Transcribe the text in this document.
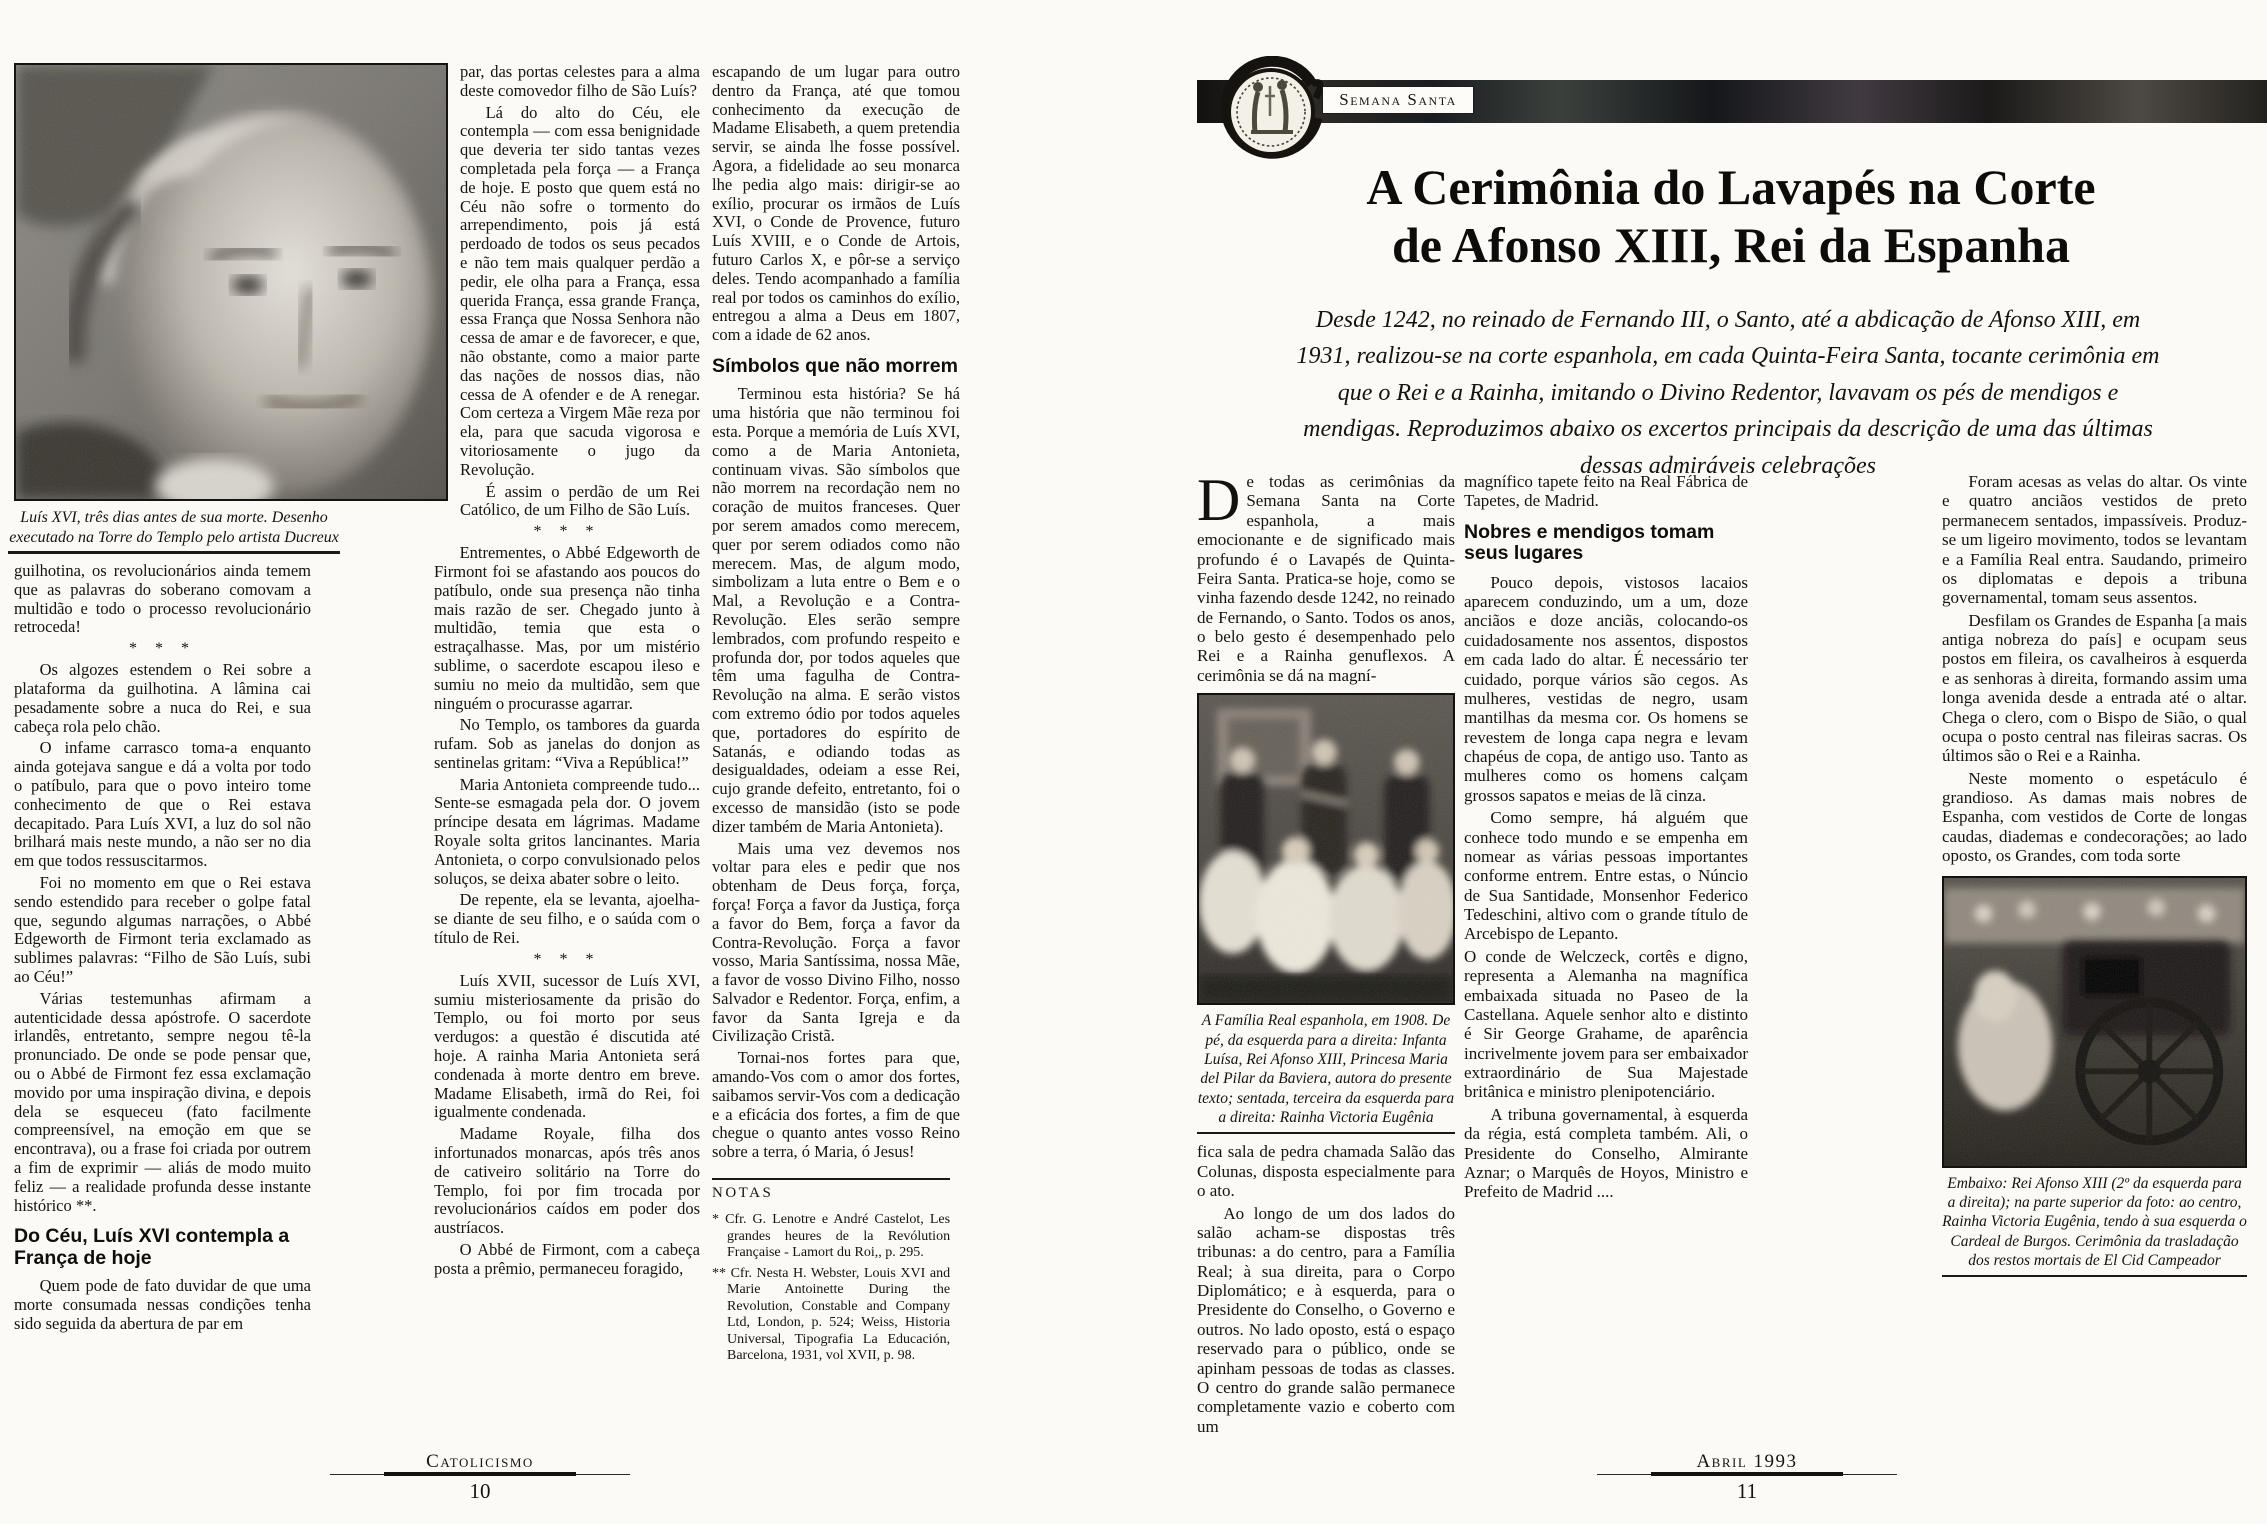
Luís XVI, três dias antes de sua morte. Desenho executado na Torre do Templo pelo artista Ducreux

guilhotina, os revolucionários ainda temem que as palavras do soberano comovam a multidão e todo o processo revolucionário retroceda!

* * *

Os algozes estendem o Rei sobre a plataforma da guilhotina. A lâmina cai pesadamente sobre a nuca do Rei, e sua cabeça rola pelo chão.

O infame carrasco toma-a enquanto ainda gotejava sangue e dá a volta por todo o patíbulo, para que o povo inteiro tome conhecimento de que o Rei estava decapitado. Para Luís XVI, a luz do sol não brilhará mais neste mundo, a não ser no dia em que todos ressuscitarmos.

Foi no momento em que o Rei estava sendo estendido para receber o golpe fatal que, segundo algumas narrações, o Abbé Edgeworth de Firmont teria exclamado as sublimes palavras: “Filho de São Luís, subi ao Céu!”

Várias testemunhas afirmam a autenticidade dessa apóstrofe. O sacerdote irlandês, entretanto, sempre negou tê-la pronunciado. De onde se pode pensar que, ou o Abbé de Firmont fez essa exclamação movido por uma inspiração divina, e depois dela se esqueceu (fato facilmente compreensível, na emoção em que se encontrava), ou a frase foi criada por outrem a fim de exprimir — aliás de modo muito feliz — a realidade profunda desse instante histórico **.

Do Céu, Luís XVI contempla a França de hoje

Quem pode de fato duvidar de que uma morte consumada nessas condições tenha sido seguida da abertura de par em

par, das portas celestes para a alma deste comovedor filho de São Luís?

Lá do alto do Céu, ele contempla — com essa benignidade que deveria ter sido tantas vezes completada pela força — a França de hoje. E posto que quem está no Céu não sofre o tormento do arrependimento, pois já está perdoado de todos os seus pecados e não tem mais qualquer perdão a pedir, ele olha para a França, essa querida França, essa grande França, essa França que Nossa Senhora não cessa de amar e de favorecer, e que, não obstante, como a maior parte das nações de nossos dias, não cessa de A ofender e de A renegar. Com certeza a Virgem Mãe reza por ela, para que sacuda vigorosa e vitoriosamente o jugo da Revolução.

É assim o perdão de um Rei Católico, de um Filho de São Luís.

* * *

Entrementes, o Abbé Edgeworth de Firmont foi se afastando aos poucos do patíbulo, onde sua presença não tinha mais razão de ser. Chegado junto à multidão, temia que esta o estraçalhasse. Mas, por um mistério sublime, o sacerdote escapou ileso e sumiu no meio da multidão, sem que ninguém o procurasse agarrar.

No Templo, os tambores da guarda rufam. Sob as janelas do donjon as sentinelas gritam: “Viva a República!”

Maria Antonieta compreende tudo... Sente-se esmagada pela dor. O jovem príncipe desata em lágrimas. Madame Royale solta gritos lancinantes. Maria Antonieta, o corpo convulsionado pelos soluços, se deixa abater sobre o leito.

De repente, ela se levanta, ajoelha-se diante de seu filho, e o saúda com o título de Rei.

* * *

Luís XVII, sucessor de Luís XVI, sumiu misteriosamente da prisão do Templo, ou foi morto por seus verdugos: a questão é discutida até hoje. A rainha Maria Antonieta será condenada à morte dentro em breve. Madame Elisabeth, irmã do Rei, foi igualmente condenada.

Madame Royale, filha dos infortunados monarcas, após três anos de cativeiro solitário na Torre do Templo, foi por fim trocada por revolucionários caídos em poder dos austríacos.

O Abbé de Firmont, com a cabeça posta a prêmio, permaneceu foragido,

escapando de um lugar para outro dentro da França, até que tomou conhecimento da execução de Madame Elisabeth, a quem pretendia servir, se ainda lhe fosse possível. Agora, a fidelidade ao seu monarca lhe pedia algo mais: dirigir-se ao exílio, procurar os irmãos de Luís XVI, o Conde de Provence, futuro Luís XVIII, e o Conde de Artois, futuro Carlos X, e pôr-se a serviço deles. Tendo acompanhado a família real por todos os caminhos do exílio, entregou a alma a Deus em 1807, com a idade de 62 anos.

Símbolos que não morrem

Terminou esta história? Se há uma história que não terminou foi esta. Porque a memória de Luís XVI, como a de Maria Antonieta, continuam vivas. São símbolos que não morrem na recordação nem no coração de muitos franceses. Quer por serem amados como merecem, quer por serem odiados como não merecem. Mas, de algum modo, simbolizam a luta entre o Bem e o Mal, a Revolução e a Contra-Revolução. Eles serão sempre lembrados, com profundo respeito e profunda dor, por todos aqueles que têm uma fagulha de Contra-Revolução na alma. E serão vistos com extremo ódio por todos aqueles que, portadores do espírito de Satanás, e odiando todas as desigualdades, odeiam a esse Rei, cujo grande defeito, entretanto, foi o excesso de mansidão (isto se pode dizer também de Maria Antonieta).

Mais uma vez devemos nos voltar para eles e pedir que nos obtenham de Deus força, força, força! Força a favor da Justiça, força a favor do Bem, força a favor da Contra-Revolução. Força a favor vosso, Maria Santíssima, nossa Mãe, a favor de vosso Divino Filho, nosso Salvador e Redentor. Força, enfim, a favor da Santa Igreja e da Civilização Cristã.

Tornai-nos fortes para que, amando-Vos com o amor dos fortes, saibamos servir-Vos com a dedicação e a eficácia dos fortes, a fim de que chegue o quanto antes vosso Reino sobre a terra, ó Maria, ó Jesus!

NOTAS

* Cfr. G. Lenotre e André Castelot, Les grandes heures de la Revólution Française - Lamort du Roi,, p. 295.

** Cfr. Nesta H. Webster, Louis XVI and Marie Antoinette During the Revolution, Constable and Company Ltd, London, p. 524; Weiss, Historia Universal, Tipografia La Educación, Barcelona, 1931, vol XVII, p. 98.

Catolicismo
10
Semana Santa
A Cerimônia do Lavapés na Corte
de Afonso XIII, Rei da Espanha
Desde 1242, no reinado de Fernando III, o Santo, até a abdicação de Afonso XIII, em 1931, realizou-se na corte espanhola, em cada Quinta-Feira Santa, tocante cerimônia em que o Rei e a Rainha, imitando o Divino Redentor, lavavam os pés de mendigos e mendigas. Reproduzimos abaixo os excertos principais da descrição de uma das últimas dessas admiráveis celebrações

De todas as cerimônias da Semana Santa na Corte espanhola, a mais emocionante e de significado mais profundo é o Lavapés de Quinta-Feira Santa. Pratica-se hoje, como se vinha fazendo desde 1242, no reinado de Fernando, o Santo. Todos os anos, o belo gesto é desempenhado pelo Rei e a Rainha genuflexos. A cerimônia se dá na magní-

A Família Real espanhola, em 1908. De pé, da esquerda para a direita: Infanta Luísa, Rei Afonso XIII, Princesa Maria del Pilar da Baviera, autora do presente texto; sentada, terceira da esquerda para a direita: Rainha Victoria Eugênia

fica sala de pedra chamada Salão das Colunas, disposta especialmente para o ato.

Ao longo de um dos lados do salão acham-se dispostas três tribunas: a do centro, para a Família Real; à sua direita, para o Corpo Diplomático; e à esquerda, para o Presidente do Conselho, o Governo e outros. No lado oposto, está o espaço reservado para o público, onde se apinham pessoas de todas as classes. O centro do grande salão permanece completamente vazio e coberto com um

magnífico tapete feito na Real Fábrica de Tapetes, de Madrid.

Nobres e mendigos tomam seus lugares

Pouco depois, vistosos lacaios aparecem conduzindo, um a um, doze anciãos e doze anciãs, colocando-os cuidadosamente nos assentos, dispostos em cada lado do altar. É necessário ter cuidado, porque vários são cegos. As mulheres, vestidas de negro, usam mantilhas da mesma cor. Os homens se revestem de longa capa negra e levam chapéus de copa, de antigo uso. Tanto as mulheres como os homens calçam grossos sapatos e meias de lã cinza.

Como sempre, há alguém que conhece todo mundo e se empenha em nomear as várias pessoas importantes conforme entrem. Entre estas, o Núncio de Sua Santidade, Monsenhor Federico Tedeschini, altivo com o grande título de Arcebispo de Lepanto.

O conde de Welczeck, cortês e digno, representa a Alemanha na magnífica embaixada situada no Paseo de la Castellana. Aquele senhor alto e distinto é Sir George Grahame, de aparência incrivelmente jovem para ser embaixador extraordinário de Sua Majestade britânica e ministro plenipotenciário.

A tribuna governamental, à esquerda da régia, está completa também. Ali, o Presidente do Conselho, Almirante Aznar; o Marquês de Hoyos, Ministro e Prefeito de Madrid ....

Foram acesas as velas do altar. Os vinte e quatro anciãos vestidos de preto permanecem sentados, impassíveis. Produz-se um ligeiro movimento, todos se levantam e a Família Real entra. Saudando, primeiro os diplomatas e depois a tribuna governamental, tomam seus assentos.

Desfilam os Grandes de Espanha [a mais antiga nobreza do país] e ocupam seus postos em fileira, os cavalheiros à esquerda e as senhoras à direita, formando assim uma longa avenida desde a entrada até o altar. Chega o clero, com o Bispo de Sião, o qual ocupa o posto central nas fileiras sacras. Os últimos são o Rei e a Rainha.

Neste momento o espetáculo é grandioso. As damas mais nobres de Espanha, com vestidos de Corte de longas caudas, diademas e condecorações; ao lado oposto, os Grandes, com toda sorte

Embaixo: Rei Afonso XIII (2º da esquerda para a direita); na parte superior da foto: ao centro, Rainha Victoria Eugênia, tendo à sua esquerda o Cardeal de Burgos. Cerimônia da trasladação dos restos mortais de El Cid Campeador
Abril 1993
11
